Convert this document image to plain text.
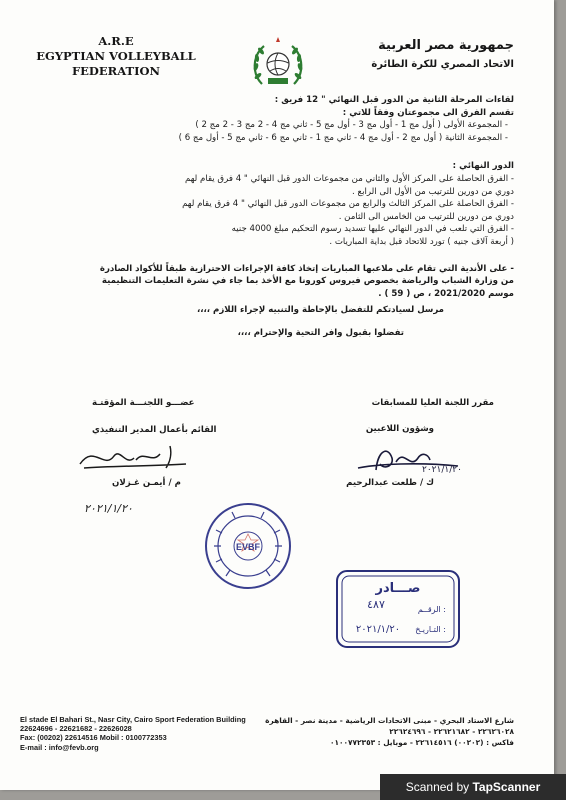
A.R.E
EGYPTIAN VOLLEYBALL
FEDERATION
جمهورية مصر العربية
الاتحاد المصري للكرة الطائرة
لقاءات المرحلة الثانية من الدور قبل النهائي " 12 فريق :
تقسم الفرق الى مجموعتان وفقاً للاتي :
- المجموعة الأولى ( أول مج 1 - أول مج 3 - أول مج 5 - ثاني مج 4 - 2 مج 3 - 2 مج 2 )
- المجموعة الثانية ( أول مج 2 - أول مج 4 - ثاني مج 1 - ثاني مج 6 - ثاني مج 5 - أول مج 6 )
الدور النهائي :
- الفرق الحاصلة على المركز الأول والثاني من مجموعات الدور قبل النهائي " 4 فرق يقام لهم
دوري من دورين للترتيب من الأول الى الرابع .
- الفرق الحاصلة على المركز الثالث والرابع من مجموعات الدور قبل النهائي " 4 فرق يقام لهم
دوري من دورين للترتيب من الخامس الى الثامن .
- الفرق التي تلعب في الدور النهائي عليها تسديد رسوم التحكيم مبلغ 4000 جنيه
( أربعة آلاف جنيه ) تورد للاتحاد قبل بداية المباريات .
- على الأندية التي تقام على ملاعبها المباريات إتخاذ كافة الإجراءات الاحترازية طبقاً للأكواد الصادرة
من وزارة الشباب والرياضة بخصوص فيروس كورونا مع الأخذ بما جاء في نشرة التعليمات التنظيمية
موسم 2021/2020 ، ص ( 59 ) .
مرسل لسيادتكم للتفضل بالإحاطة والتنبيه لإجراء اللازم ،،،،
تفضلوا بقبول وافر التحية والإحترام ،،،،
مقرر اللجنة العليا للمسابقات
وشؤون اللاعبين
٢٠٢١/١/٢٠
ك / طلعت عبدالرحيم
عضـــو اللجنـــة المؤقتـة
القائم بأعمال المدير التنفيذي
م / أيمـن غـزلان
٢٠٢١/١/٢٠
EVBF
صـــادر
الرقــم :
٤٨٧
التـاريـخ :
٢٠٢١/١/٢٠
El stade El Bahari St., Nasr City, Cairo Sport Federation Building
22624696 - 22621682 - 22626028
Fax: (00202) 22614516 Mobil : 0100772353
E-mail : info@fevb.org
شارع الاستاد البحري - مبنى الاتحادات الرياضية - مدينة نصر - القاهرة
٢٢٦٢٦٠٢٨ - ٢٢٦٢١٦٨٢ - ٢٢٦٢٤٦٩٦
فاكس : (٠٠٢٠٢) ٢٢٦١٤٥١٦ - موبايل : ٠١٠٠٧٧٢٣٥٣
Scanned by TapScanner
